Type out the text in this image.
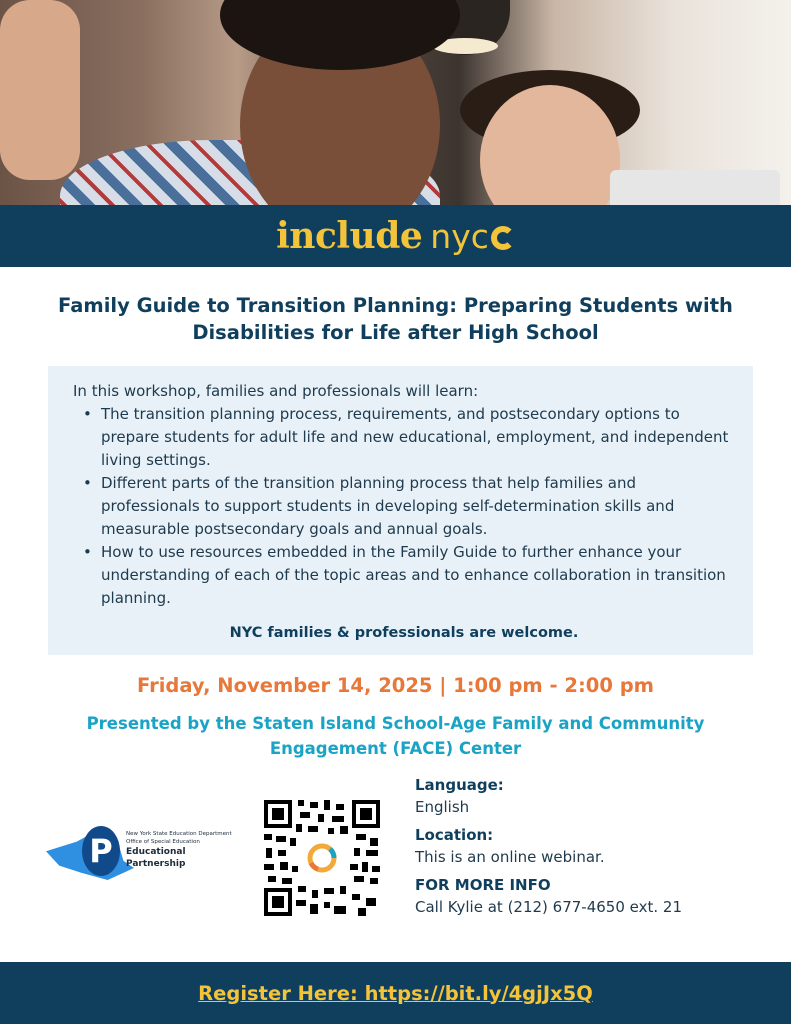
include nyc
Family Guide to Transition Planning: Preparing Students with Disabilities for Life after High School

In this workshop, families and professionals will learn:

• The transition planning process, requirements, and postsecondary options to prepare students for adult life and new educational, employment, and independent living settings.
• Different parts of the transition planning process that help families and professionals to support students in developing self-determination skills and measurable postsecondary goals and annual goals.
• How to use resources embedded in the Family Guide to further enhance your understanding of each of the topic areas and to enhance collaboration in transition planning.

NYC families & professionals are welcome.

Friday, November 14, 2025 | 1:00 pm - 2:00 pm
Presented by the Staten Island School-Age Family and Community Engagement (FACE) Center
P	New York State Education Department
Office of Special Education
Educational Partnership
Language:
English
Location:
This is an online webinar.
FOR MORE INFO
Call Kylie at (212) 677-4650 ext. 21
Register Here: https://bit.ly/4gjJx5Q
